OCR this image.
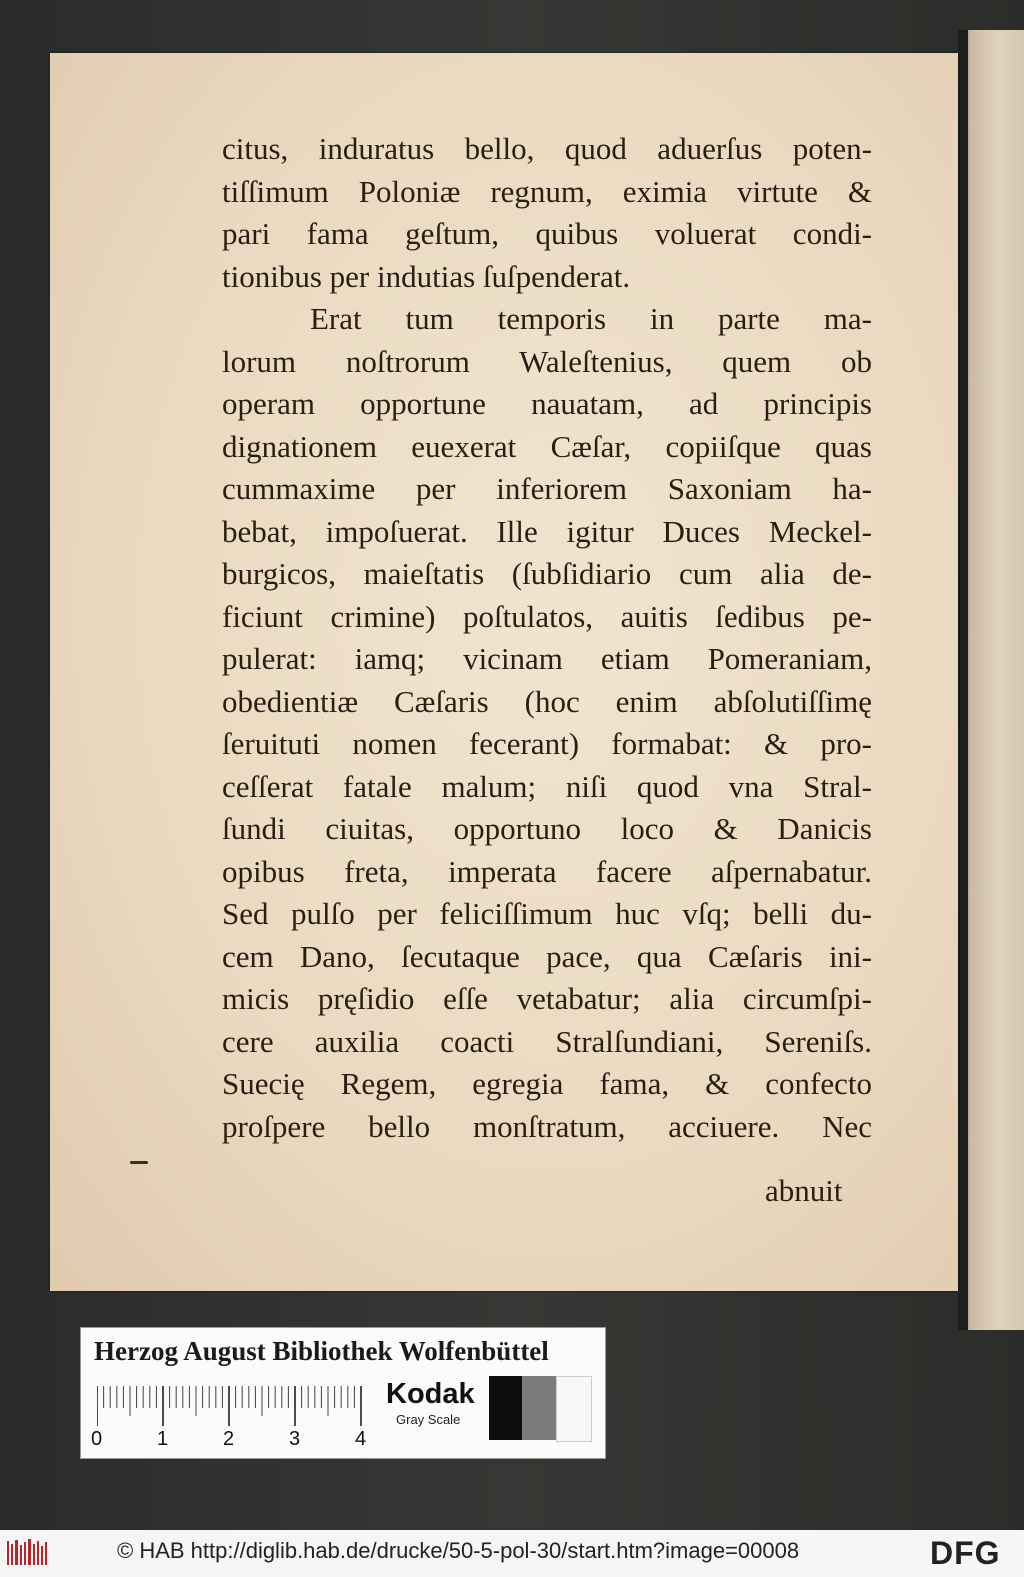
citus, induratus bello, quod aduerſus poten-
tiſſimum Poloniæ regnum, eximia virtute &
pari fama geſtum, quibus voluerat condi-
tionibus per indutias ſuſpenderat.
Erat tum temporis in parte ma-
lorum noſtrorum Waleſtenius, quem ob
operam opportune nauatam, ad principis
dignationem euexerat Cæſar, copiiſque quas
cummaxime per inferiorem Saxoniam ha-
bebat, impoſuerat. Ille igitur Duces Meckel-
burgicos, maieſtatis (ſubſidiario cum alia de-
ficiunt crimine) poſtulatos, auitis ſedibus pe-
pulerat: iamq; vicinam etiam Pomeraniam,
obedientiæ Cæſaris (hoc enim abſolutiſſimę
ſeruituti nomen fecerant) formabat: & pro-
ceſſerat fatale malum; niſi quod vna Stral-
ſundi ciuitas, opportuno loco & Danicis
opibus freta, imperata facere aſpernabatur.
Sed pulſo per feliciſſimum huc vſq; belli du-
cem Dano, ſecutaque pace, qua Cæſaris ini-
micis pręſidio eſſe vetabatur; alia circumſpi-
cere auxilia coacti Stralſundiani, Sereniſs.
Suecię Regem, egregia fama, & confecto
proſpere bello monſtratum, acciuere. Nec
abnuit
Herzog August Bibliothek Wolfenbüttel
0	1	2	3	4
Kodak
Gray Scale
© HAB http://diglib.hab.de/drucke/50-5-pol-30/start.htm?image=00008	DFG
